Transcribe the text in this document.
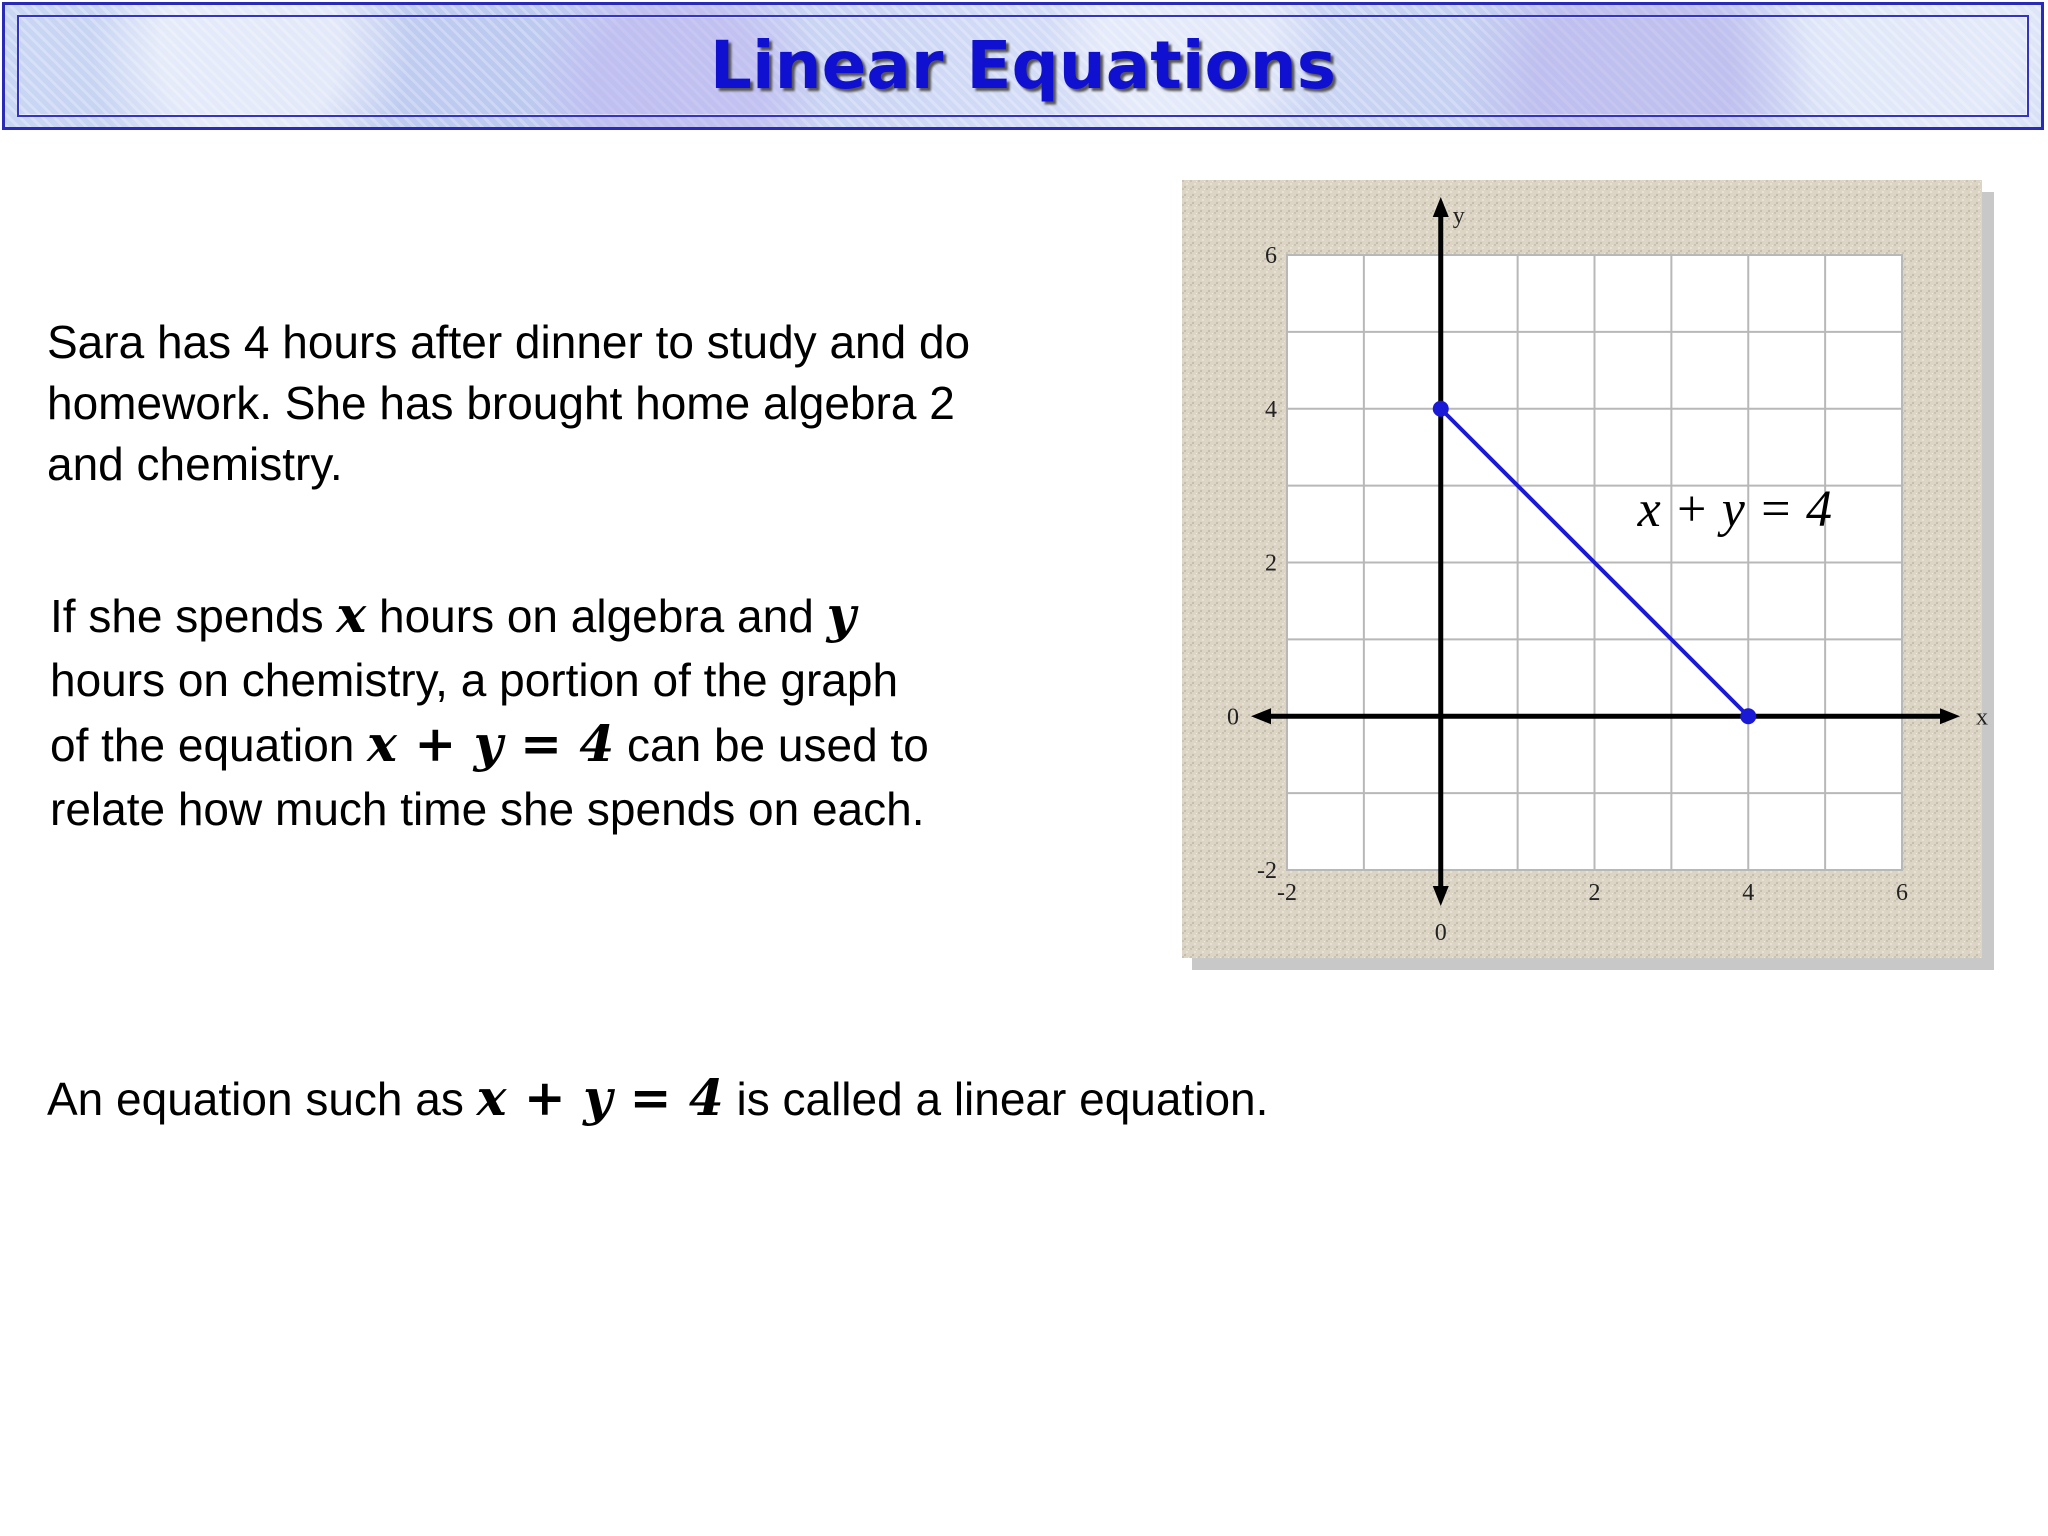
Linear Equations
Sara has 4 hours after dinner to study and do
homework. She has brought home algebra 2
and chemistry.
If she spends x hours on algebra and y
hours on chemistry, a portion of the graph
of the equation x + y = 4 can be used to
relate how much time she spends on each.
An equation such as x + y = 4 is called a linear equation.
-2	2	4	6
-2
2
4
6
0
0
x
y
x + y = 4
